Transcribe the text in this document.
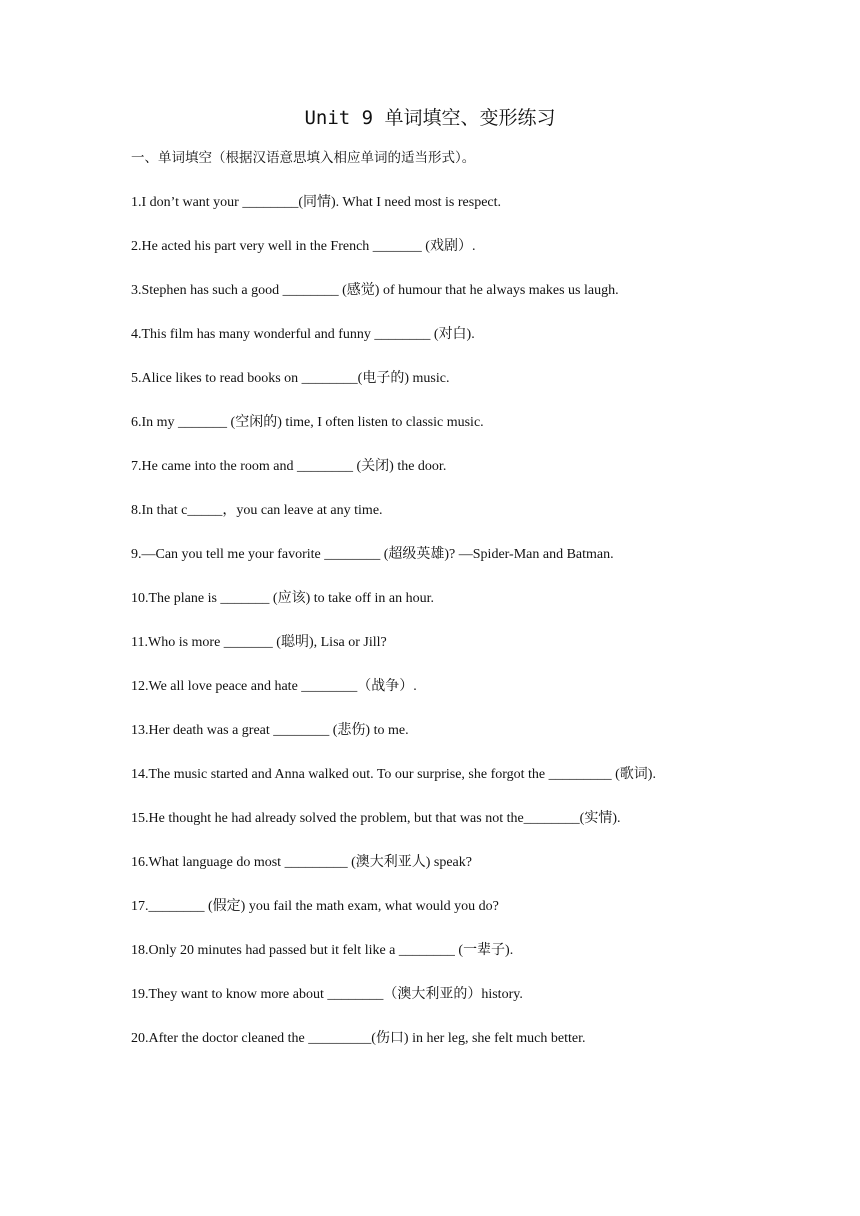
Unit 9 单词填空、变形练习
一、单词填空（根据汉语意思填入相应单词的适当形式）。
1.I don’t want your ________(同情). What I need most is respect.
2.He acted his part very well in the French _______ (戏剧）.
3.Stephen has such a good ________ (感觉) of humour that he always makes us laugh.
4.This film has many wonderful and funny ________ (对白).
5.Alice likes to read books on ________(电子的) music.
6.In my _______ (空闲的) time, I often listen to classic music.
7.He came into the room and ________ (关闭) the door.
8.In that c_____，you can leave at any time.
9.—Can you tell me your favorite ________ (超级英雄)? —Spider-Man and Batman.
10.The plane is _______ (应该) to take off in an hour.
11.Who is more _______ (聪明), Lisa or Jill?
12.We all love peace and hate ________（战争）.
13.Her death was a great ________ (悲伤) to me.
14.The music started and Anna walked out. To our surprise, she forgot the _________ (歌词).
15.He thought he had already solved the problem, but that was not the________(实情).
16.What language do most _________ (澳大利亚人) speak?
17.________ (假定) you fail the math exam, what would you do?
18.Only 20 minutes had passed but it felt like a ________ (一辈子).
19.They want to know more about ________（澳大利亚的）history.
20.After the doctor cleaned the _________(伤口) in her leg, she felt much better.
